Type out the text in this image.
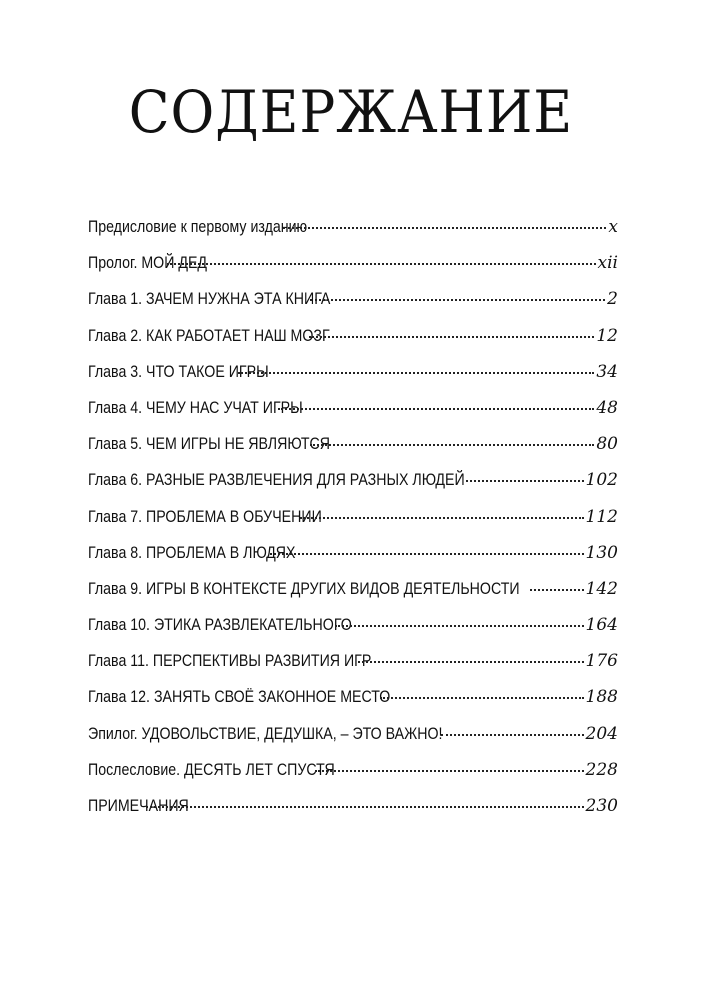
СОДЕРЖАНИЕ
Предисловие к первому изданию	x
Пролог. МОЙ ДЕД	xii
Глава 1. ЗАЧЕМ НУЖНА ЭТА КНИГА	2
Глава 2. КАК РАБОТАЕТ НАШ МОЗГ	12
Глава 3. ЧТО ТАКОЕ ИГРЫ	34
Глава 4. ЧЕМУ НАС УЧАТ ИГРЫ	48
Глава 5. ЧЕМ ИГРЫ НЕ ЯВЛЯЮТСЯ	80
Глава 6. РАЗНЫЕ РАЗВЛЕЧЕНИЯ ДЛЯ РАЗНЫХ ЛЮДЕЙ	102
Глава 7. ПРОБЛЕМА В ОБУЧЕНИИ	112
Глава 8. ПРОБЛЕМА В ЛЮДЯХ	130
Глава 9. ИГРЫ В КОНТЕКСТЕ ДРУГИХ ВИДОВ ДЕЯТЕЛЬНОСТИ	142
Глава 10. ЭТИКА РАЗВЛЕКАТЕЛЬНОГО	164
Глава 11. ПЕРСПЕКТИВЫ РАЗВИТИЯ ИГР	176
Глава 12. ЗАНЯТЬ СВОЁ ЗАКОННОЕ МЕСТО	188
Эпилог. УДОВОЛЬСТВИЕ, ДЕДУШКА, – ЭТО ВАЖНО!	204
Послесловие. ДЕСЯТЬ ЛЕТ СПУСТЯ	228
ПРИМЕЧАНИЯ	230
